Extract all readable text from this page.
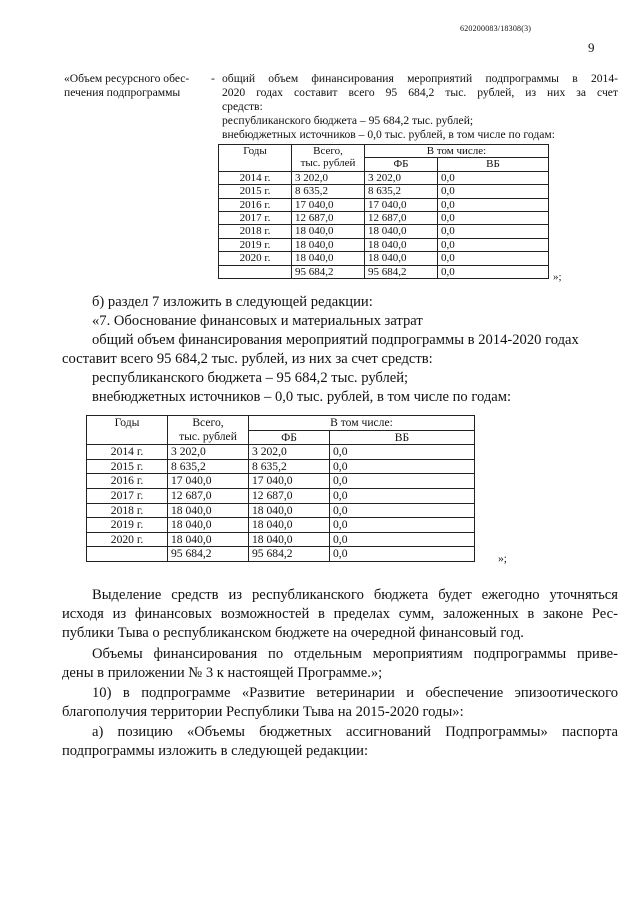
620200083/18308(3)
9
«Объем ресурсного обес-
печения подпрограммы
- общий объем финансирования мероприятий подпрограммы в 2014-
2020 годах составит всего 95 684,2 тыс. рублей, из них за счет
средств:
республиканского бюджета – 95 684,2 тыс. рублей;
внебюджетных источников – 0,0 тыс. рублей, в том числе по годам:
Годы	Всего,
тыс. рублей	В том числе:	
		ФБ	ВБ
2014 г.	3 202,0	3 202,0	0,0
2015 г.	8 635,2	8 635,2	0,0
2016 г.	17 040,0	17 040,0	0,0
2017 г.	12 687,0	12 687,0	0,0
2018 г.	18 040,0	18 040,0	0,0
2019 г.	18 040,0	18 040,0	0,0
2020 г.	18 040,0	18 040,0	0,0
	95 684,2	95 684,2	0,0	»;
б) раздел 7 изложить в следующей редакции:
«7. Обоснование финансовых и материальных затрат
общий объем финансирования мероприятий подпрограммы в 2014-2020 годах
составит всего 95 684,2 тыс. рублей, из них за счет средств:
республиканского бюджета – 95 684,2 тыс. рублей;
внебюджетных источников – 0,0 тыс. рублей, в том числе по годам:
Годы	Всего,
тыс. рублей	В том числе:	
		ФБ	ВБ
2014 г.	3 202,0	3 202,0	0,0
2015 г.	8 635,2	8 635,2	0,0
2016 г.	17 040,0	17 040,0	0,0
2017 г.	12 687,0	12 687,0	0,0
2018 г.	18 040,0	18 040,0	0,0
2019 г.	18 040,0	18 040,0	0,0
2020 г.	18 040,0	18 040,0	0,0
	95 684,2	95 684,2	0,0	»;
Выделение средств из республиканского бюджета будет ежегодно уточняться
исходя из финансовых возможностей в пределах сумм, заложенных в законе Рес-
публики Тыва о республиканском бюджете на очередной финансовый год.
Объемы финансирования по отдельным мероприятиям подпрограммы приве-
дены в приложении № 3 к настоящей Программе.»;
10) в подпрограмме «Развитие ветеринарии и обеспечение эпизоотического
благополучия территории Республики Тыва на 2015-2020 годы»:
а) позицию «Объемы бюджетных ассигнований Подпрограммы» паспорта
подпрограммы изложить в следующей редакции:
